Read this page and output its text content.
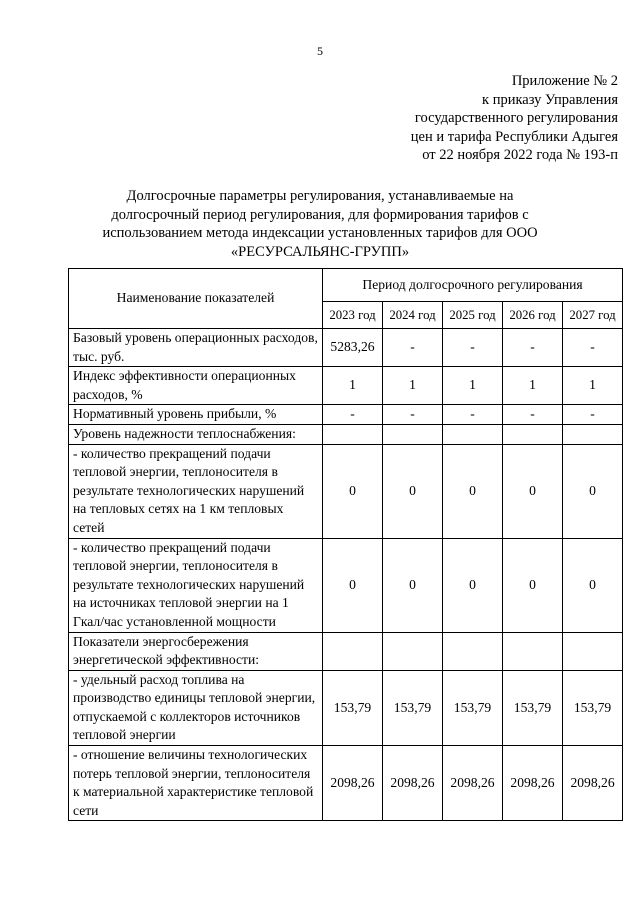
5
Приложение № 2
к приказу Управления
государственного регулирования
цен и тарифа Республики Адыгея
от 22 ноября 2022 года № 193-п
Долгосрочные параметры регулирования, устанавливаемые на
долгосрочный период регулирования, для формирования тарифов с
использованием метода индексации установленных тарифов для ООО
«РЕСУРСАЛЬЯНС-ГРУПП»
Наименование показателей	Период долгосрочного регулирования				
	2023 год	2024 год	2025 год	2026 год	2027 год
Базовый уровень операционных расходов, тыс. руб.	5283,26	-	-	-	-
Индекс эффективности операционных расходов, %	1	1	1	1	1
Нормативный уровень прибыли, %	-	-	-	-	-
Уровень надежности теплоснабжения:					
- количество прекращений подачи тепловой энергии, теплоносителя в результате технологических нарушений на тепловых сетях на 1 км тепловых сетей	0	0	0	0	0
- количество прекращений подачи тепловой энергии, теплоносителя в результате технологических нарушений на источниках тепловой энергии на 1 Гкал/час установленной мощности	0	0	0	0	0
Показатели энергосбережения энергетической эффективности:					
- удельный расход топлива на производство единицы тепловой энергии, отпускаемой с коллекторов источников тепловой энергии	153,79	153,79	153,79	153,79	153,79
- отношение величины технологических потерь тепловой энергии, теплоносителя к материальной характеристике тепловой сети	2098,26	2098,26	2098,26	2098,26	2098,26
